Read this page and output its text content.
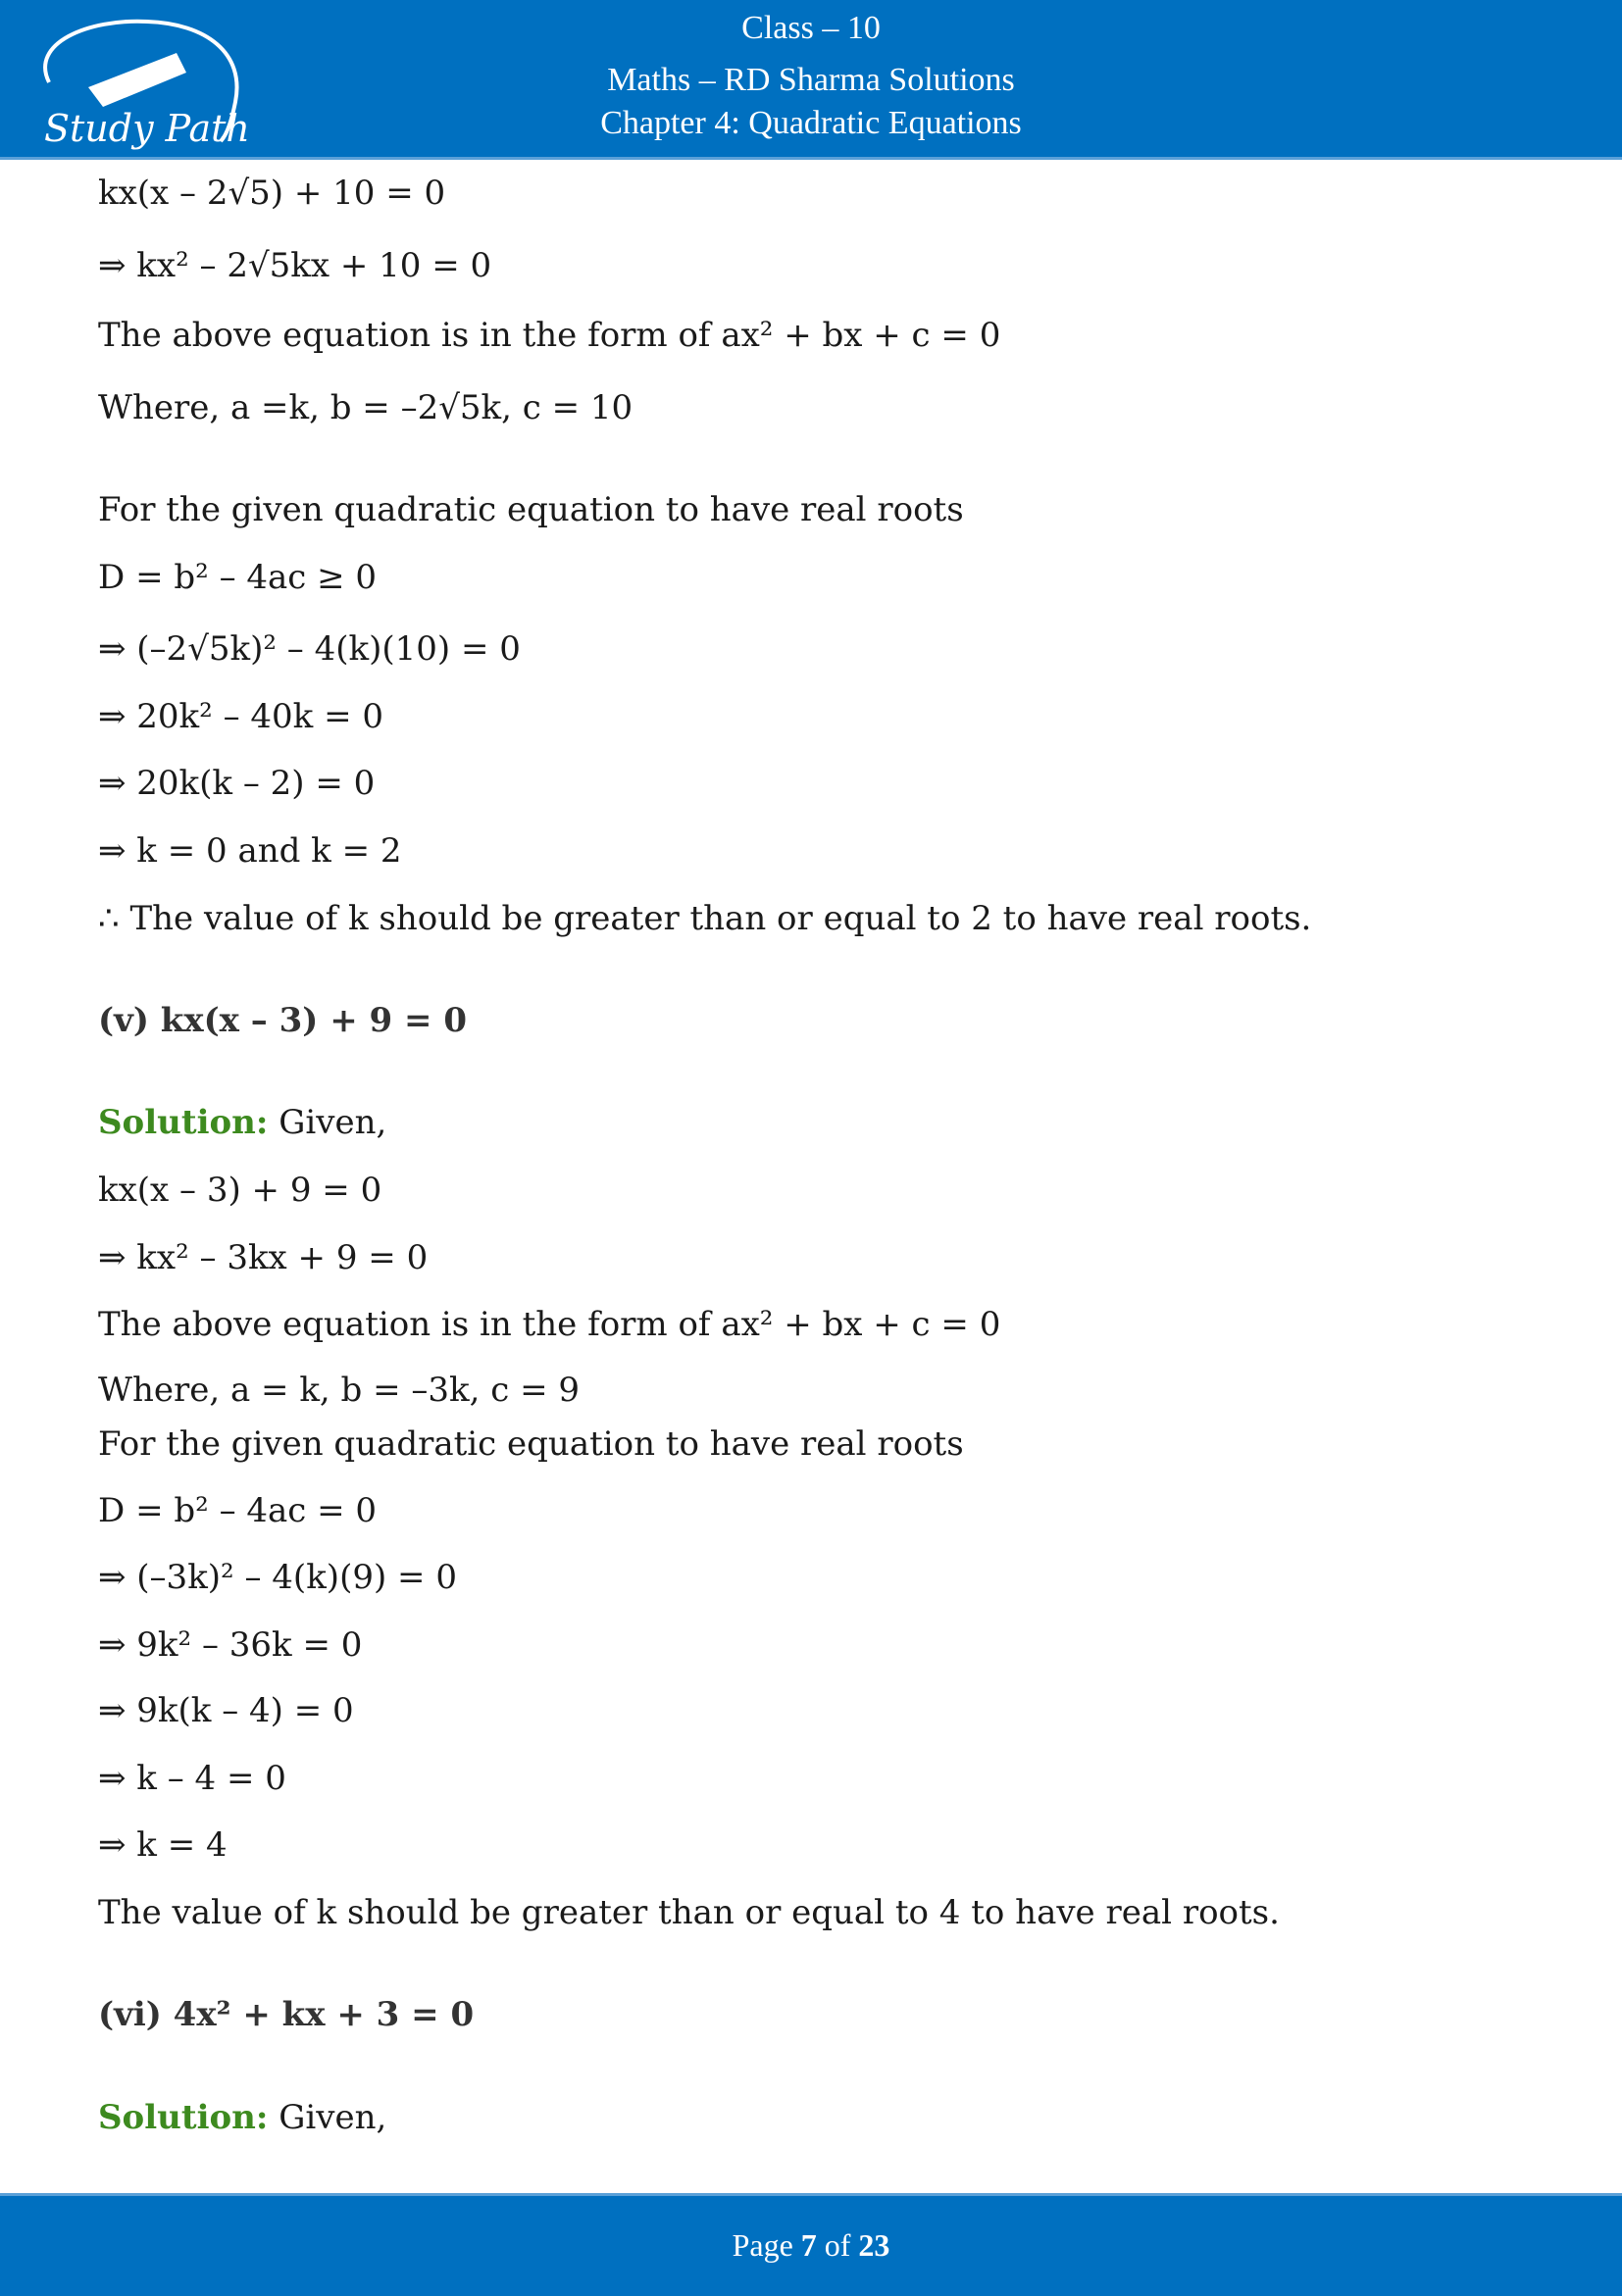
Study Path
Class – 10
Maths – RD Sharma Solutions
Chapter 4: Quadratic Equations
kx(x – 2√5) + 10 = 0
⇒ kx² – 2√5kx + 10 = 0
The above equation is in the form of ax² + bx + c = 0
Where, a =k, b = –2√5k, c = 10
For the given quadratic equation to have real roots
D = b² – 4ac ≥ 0
⇒ (–2√5k)² – 4(k)(10) = 0
⇒ 20k² – 40k = 0
⇒ 20k(k – 2) = 0
⇒ k = 0 and k = 2
∴ The value of k should be greater than or equal to 2 to have real roots.
(v) kx(x – 3) + 9 = 0
Solution: Given,
kx(x – 3) + 9 = 0
⇒ kx² – 3kx + 9 = 0
The above equation is in the form of ax² + bx + c = 0
Where, a = k, b = –3k, c = 9
For the given quadratic equation to have real roots
D = b² – 4ac = 0
⇒ (–3k)² – 4(k)(9) = 0
⇒ 9k² – 36k = 0
⇒ 9k(k – 4) = 0
⇒ k – 4 = 0
⇒ k = 4
The value of k should be greater than or equal to 4 to have real roots.
(vi) 4x² + kx + 3 = 0
Solution: Given,
Page 7 of 23
